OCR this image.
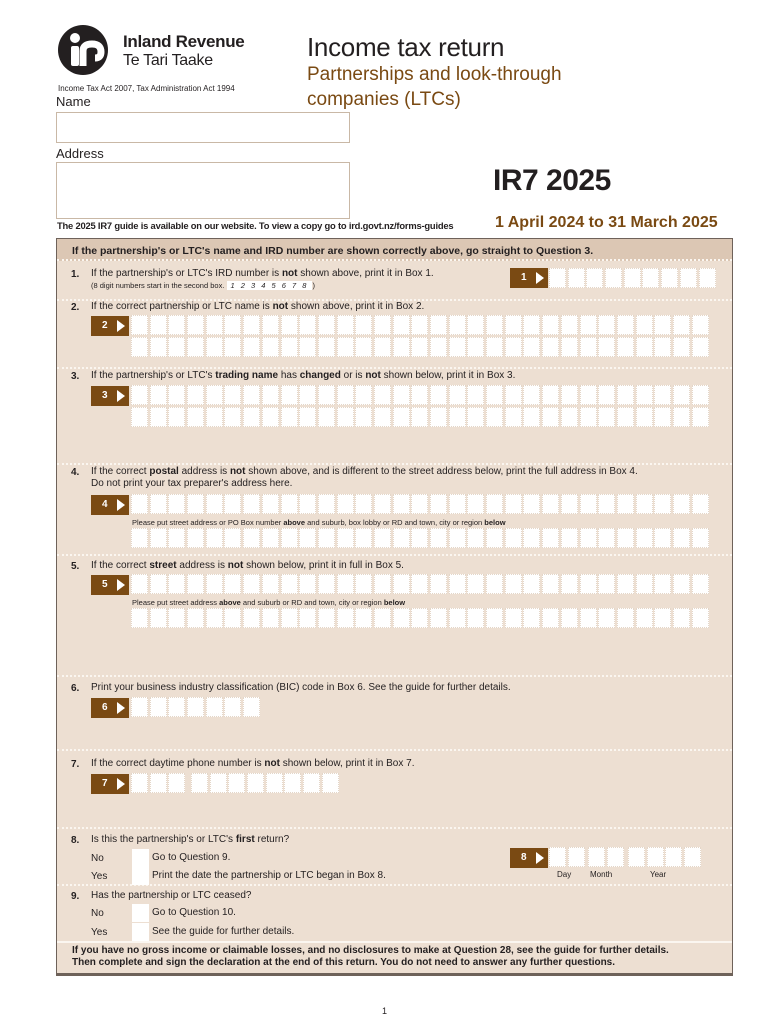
Inland Revenue
Te Tari Taake
Income Tax Act 2007, Tax Administration Act 1994
Income tax return
Partnerships and look-through companies (LTCs)
Name
Address
IR7 2025
The 2025 IR7 guide is available on our website. To view a copy go to ird.govt.nz/forms-guides	1 April 2024 to 31 March 2025
If the partnership's or LTC's name and IRD number are shown correctly above, go straight to Question 3.
1. If the partnership's or LTC's IRD number is not shown above, print it in Box 1.
(8 digit numbers start in the second box. 1 2 3 4 5 6 7 8 )
1
2. If the correct partnership or LTC name is not shown above, print it in Box 2.
2
3. If the partnership's or LTC's trading name has changed or is not shown below, print it in Box 3.
3
4. If the correct postal address is not shown above, and is different to the street address below, print the full address in Box 4.
Do not print your tax preparer's address here.
4
Please put street address or PO Box number above and suburb, box lobby or RD and town, city or region below
5. If the correct street address is not shown below, print it in full in Box 5.
5
Please put street address above and suburb or RD and town, city or region below
6. Print your business industry classification (BIC) code in Box 6. See the guide for further details.
6
7. If the correct daytime phone number is not shown below, print it in Box 7.
7
8. Is this the partnership's or LTC's first return?
No	Go to Question 9.
Yes	Print the date the partnership or LTC began in Box 8.
8
Day Month	Year
9. Has the partnership or LTC ceased?
No	Go to Question 10.
Yes	See the guide for further details.
If you have no gross income or claimable losses, and no disclosures to make at Question 28, see the guide for further details.
Then complete and sign the declaration at the end of this return. You do not need to answer any further questions.
1
